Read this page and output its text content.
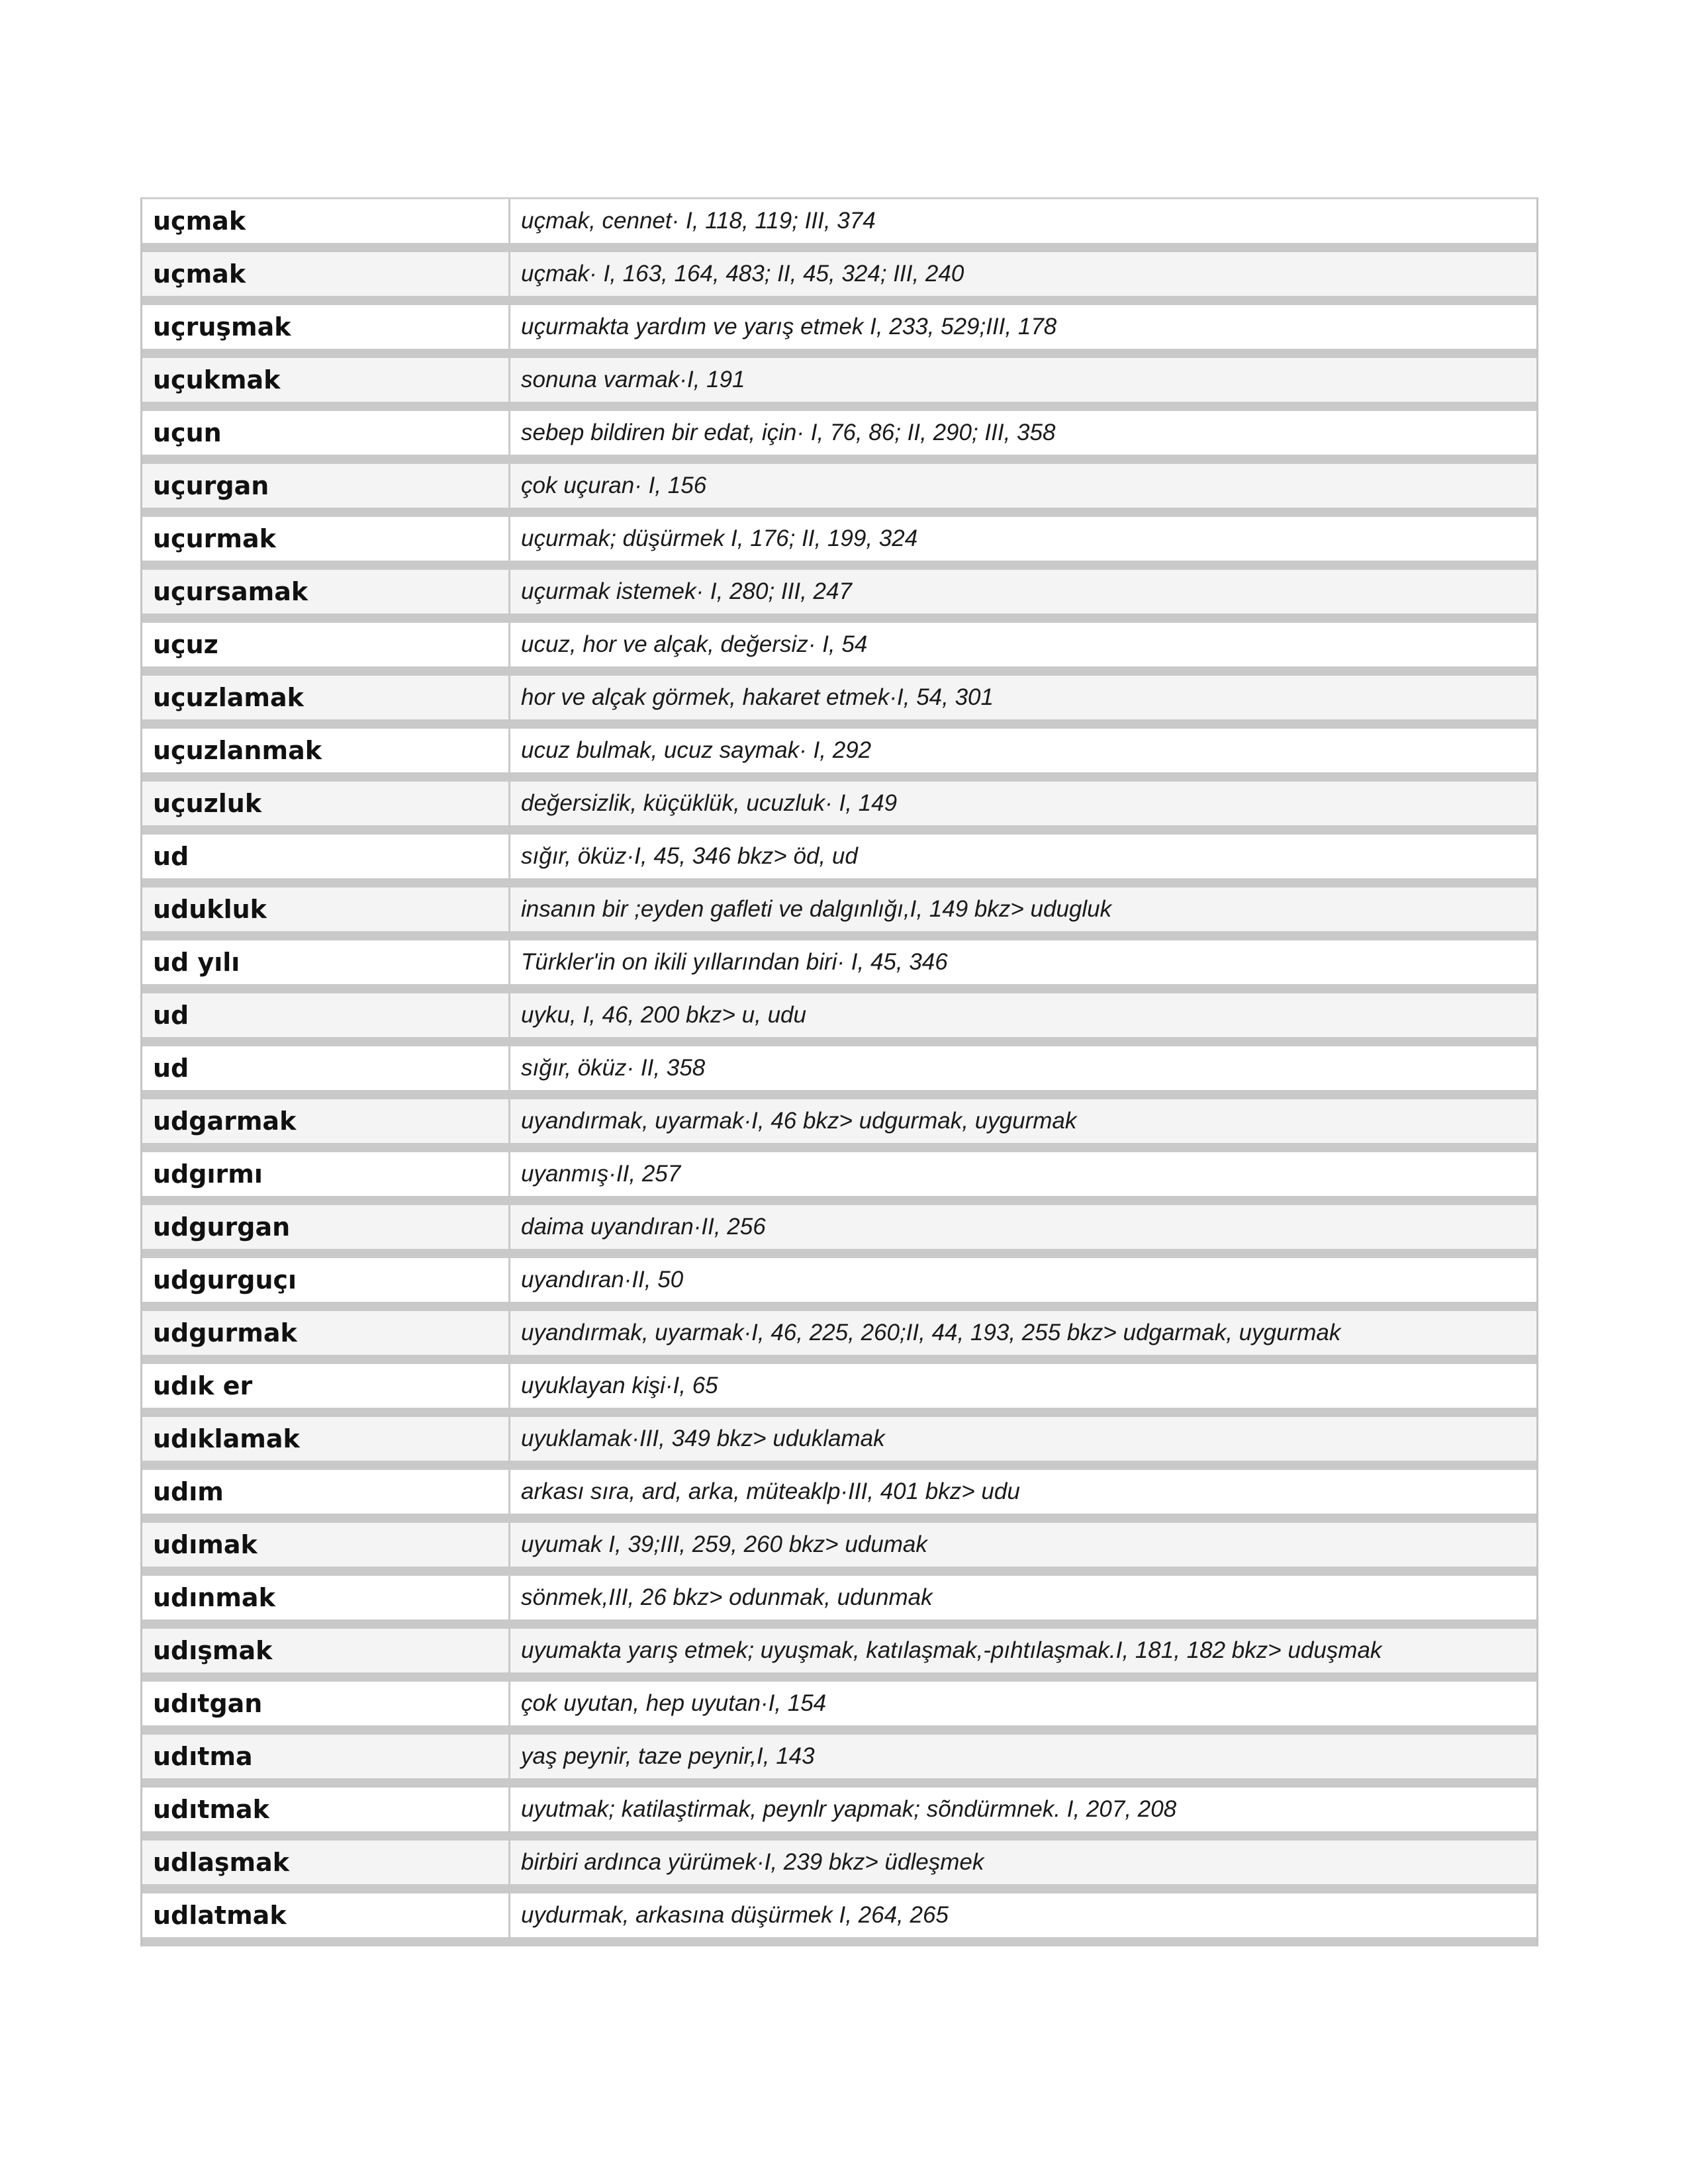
uçmak	uçmak, cennet· I, 118, 119; III, 374
uçmak	uçmak· I, 163, 164, 483; II, 45, 324; III, 240
uçruşmak	uçurmakta yardım ve yarış etmek I, 233, 529;III, 178
uçukmak	sonuna varmak·I, 191
uçun	sebep bildiren bir edat, için· I, 76, 86; II, 290; III, 358
uçurgan	çok uçuran· I, 156
uçurmak	uçurmak; düşürmek I, 176; II, 199, 324
uçursamak	uçurmak istemek· I, 280; III, 247
uçuz	ucuz, hor ve alçak, değersiz· I, 54
uçuzlamak	hor ve alçak görmek, hakaret etmek·I, 54, 301
uçuzlanmak	ucuz bulmak, ucuz saymak· I, 292
uçuzluk	değersizlik, küçüklük, ucuzluk· I, 149
ud	sığır, öküz·I, 45, 346 bkz> öd, ud
udukluk	insanın bir ;eyden gafleti ve dalgınlığı,I, 149 bkz> udugluk
ud yılı	Türkler'in on ikili yıllarından biri· I, 45, 346
ud	uyku, I, 46, 200 bkz> u, udu
ud	sığır, öküz· II, 358
udgarmak	uyandırmak, uyarmak·I, 46 bkz> udgurmak, uygurmak
udgırmı	uyanmış·II, 257
udgurgan	daima uyandıran·II, 256
udgurguçı	uyandıran·II, 50
udgurmak	uyandırmak, uyarmak·I, 46, 225, 260;II, 44, 193, 255 bkz> udgarmak, uygurmak
udık er	uyuklayan kişi·I, 65
udıklamak	uyuklamak·III, 349 bkz> uduklamak
udım	arkası sıra, ard, arka, müteaklp·III, 401 bkz> udu
udımak	uyumak I, 39;III, 259, 260 bkz> udumak
udınmak	sönmek,III, 26 bkz> odunmak, udunmak
udışmak	uyumakta yarış etmek; uyuşmak, katılaşmak,-pıhtılaşmak.I, 181, 182 bkz> uduşmak
udıtgan	çok uyutan, hep uyutan·I, 154
udıtma	yaş peynir, taze peynir,I, 143
udıtmak	uyutmak; katilaştirmak, peynlr yapmak; sõndürmnek. I, 207, 208
udlaşmak	birbiri ardınca yürümek·I, 239 bkz> üdleşmek
udlatmak	uydurmak, arkasına düşürmek I, 264, 265
